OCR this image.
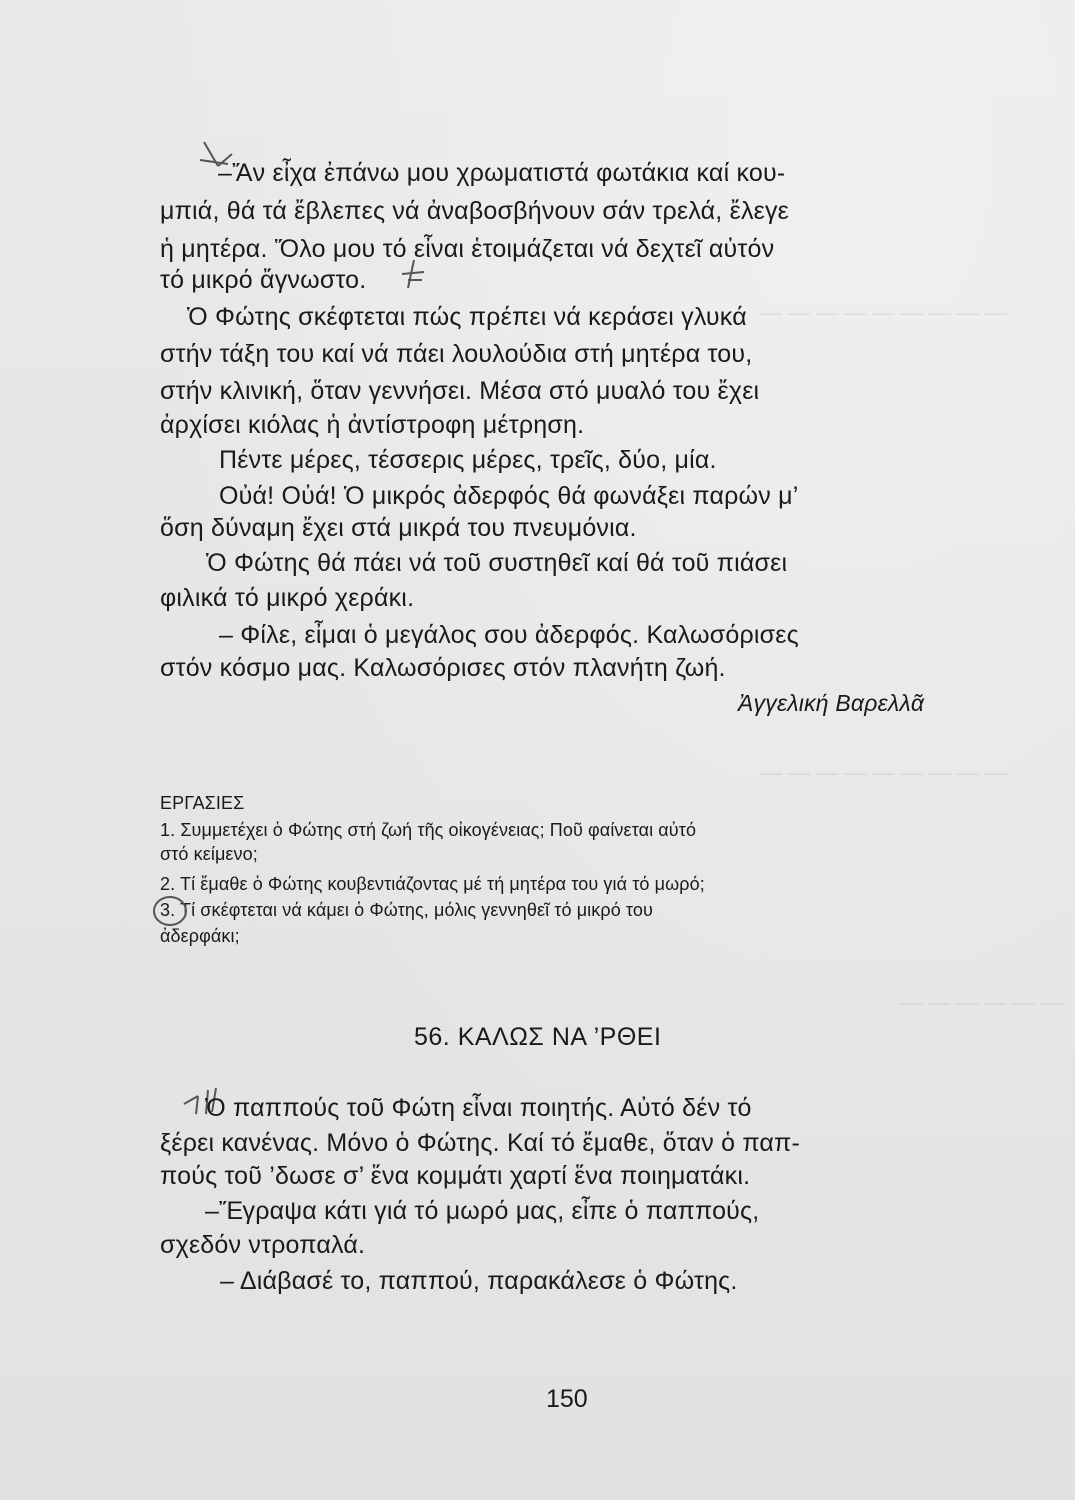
— — — — — — — — —
— — — — — — — — —
— — — — — —
–Ἄν εἶχα ἐπάνω μου χρωματιστά φωτάκια καί κου-
μπιά, θά τά ἔβλεπες νά ἀναβοσβήνουν σάν τρελά, ἔλεγε
ἡ μητέρα. Ὅλο μου τό εἶναι ἑτοιμάζεται νά δεχτεῖ αὐτόν
τό μικρό ἄγνωστο.
Ὁ Φώτης σκέφτεται πώς πρέπει νά κεράσει γλυκά
στήν τάξη του καί νά πάει λουλούδια στή μητέρα του,
στήν κλινική, ὅταν γεννήσει. Μέσα στό μυαλό του ἔχει
ἀρχίσει κιόλας ἡ ἀντίστροφη μέτρηση.
Πέντε μέρες, τέσσερις μέρες, τρεῖς, δύο, μία.
Οὐά! Οὐά! Ὁ μικρός ἀδερφός θά φωνάξει παρών μ’
ὅση δύναμη ἔχει στά μικρά του πνευμόνια.
Ὁ Φώτης θά πάει νά τοῦ συστηθεῖ καί θά τοῦ πιάσει
φιλικά τό μικρό χεράκι.
– Φίλε, εἶμαι ὁ μεγάλος σου ἀδερφός. Καλωσόρισες
στόν κόσμο μας. Καλωσόρισες στόν πλανήτη ζωή.
Ἀγγελική Βαρελλᾶ
ΕΡΓΑΣΙΕΣ
1. Συμμετέχει ὁ Φώτης στή ζωή τῆς οἰκογένειας; Ποῦ φαίνεται αὐτό
στό κείμενο;
2. Τί ἔμαθε ὁ Φώτης κουβεντιάζοντας μέ τή μητέρα του γιά τό μωρό;
3. Τί σκέφτεται νά κάμει ὁ Φώτης, μόλις γεννηθεῖ τό μικρό του
ἀδερφάκι;
56. ΚΑΛΩΣ ΝΑ ’ΡΘΕΙ
Ὁ παππούς τοῦ Φώτη εἶναι ποιητής. Αὐτό δέν τό
ξέρει κανένας. Μόνο ὁ Φώτης. Καί τό ἔμαθε, ὅταν ὁ παπ-
πούς τοῦ ’δωσε σ’ ἕνα κομμάτι χαρτί ἕνα ποιηματάκι.
–Ἔγραψα κάτι γιά τό μωρό μας, εἶπε ὁ παππούς,
σχεδόν ντροπαλά.
– Διάβασέ το, παππού, παρακάλεσε ὁ Φώτης.
150
